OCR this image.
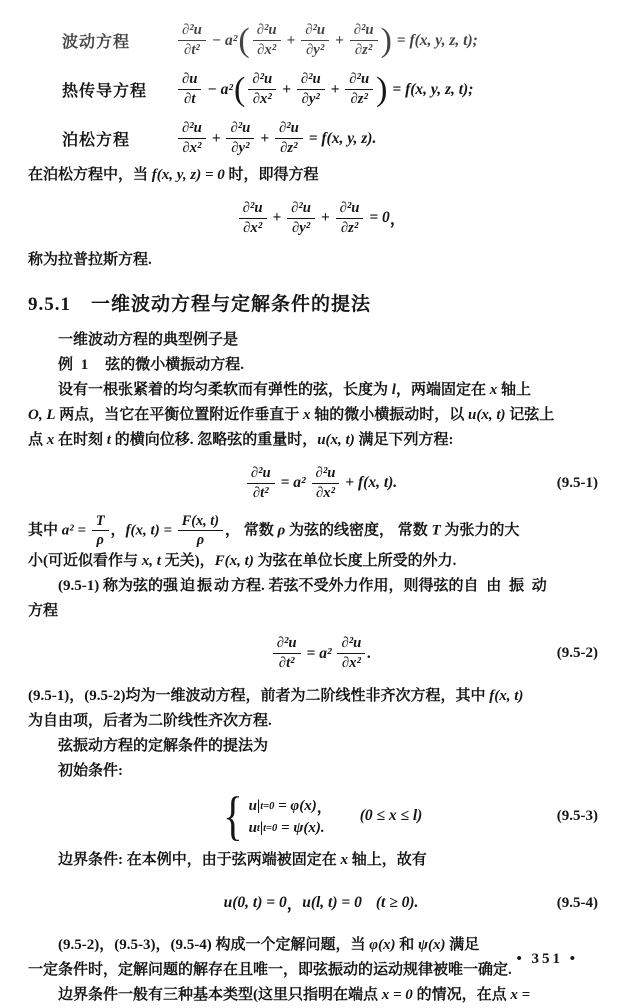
波动方程	$\frac{\text{∂²u}}{\text{∂t²}} - a^2$ ( $\frac{\text{∂²u}}{\text{∂x²}} + \frac{\text{∂²u}}{\text{∂y²}} + \frac{\text{∂²u}}{\text{∂z²}}$ ) = f(x, y, z, t);
热传导方程	$\frac{\partial u}{\partial t} - a^2$ ( $\frac{\text{∂²u}}{\text{∂x²}} + \frac{\text{∂²u}}{\text{∂y²}} + \frac{\text{∂²u}}{\text{∂z²}}$ ) = f(x, y, z, t);
泊松方程	$\frac{\text{∂²u}}{\text{∂x²}} + \frac{\text{∂²u}}{\text{∂y²}} + \frac{\text{∂²u}}{\text{∂z²}} = f(x$, y, z).
在泊松方程中，当 f(x, y, z) = 0 时，即得方程
$\frac{\text{∂²u}}{\text{∂x²}} + \frac{\text{∂²u}}{\text{∂y²}} + \frac{\text{∂²u}}{\text{∂z²}} = 0$ ，
称为拉普拉斯方程.
9.5.1　一维波动方程与定解条件的提法
一维波动方程的典型例子是
例 1　弦的微小横振动方程.
设有一根张紧着的均匀柔软而有弹性的弦，长度为 l，两端固定在 x 轴上
O, L 两点，当它在平衡位置附近作垂直于 x 轴的微小横振动时，以 u(x, t) 记弦上
点 x 在时刻 t 的横向位移. 忽略弦的重量时，u(x, t) 满足下列方程:
$\frac{\text{∂²u}}{\text{∂t²}} = a^2 \frac{\text{∂²u}}{\text{∂x²}} + f(x$, t).	(9.5-1)
其中 $a^2 = \frac{T}{\rho}$ ，f(x, $t) = \frac{F(x, t)}{\rho}$ ， 常数 ρ 为弦的线密度， 常数 T 为张力的大
小(可近似看作与 x, t 无关)，F(x, t) 为弦在单位长度上所受的外力.
(9.5-1) 称为弦的强迫振动方程. 若弦不受外力作用，则得弦的自 由 振 动
方程
$\frac{\text{∂²u}}{\text{∂t²}} = a^2 \frac{\text{∂²u}}{\text{∂x²}}$ .	(9.5-2)
(9.5-1)，(9.5-2)均为一维波动方程，前者为二阶线性非齐次方程，其中 f(x, t)
为自由项，后者为二阶线性齐次方程.
弦振动方程的定解条件的提法为
初始条件:
{ u | t=0 = φ(x) ，
u t | t=0 = ψ(x).
(0 ≤ x ≤ l)	(9.5-3)
边界条件: 在本例中，由于弦两端被固定在 x 轴上，故有
u(0, t) = 0 ， u(l, t) = 0 (t ≥ 0).	(9.5-4)
(9.5-2)，(9.5-3)，(9.5-4) 构成一个定解问题，当 φ(x) 和 ψ(x) 满足
一定条件时，定解问题的解存在且唯一，即弦振动的运动规律被唯一确定.
边界条件一般有三种基本类型(这里只指明在端点 x = 0 的情况，在点 x =
• 351 •
